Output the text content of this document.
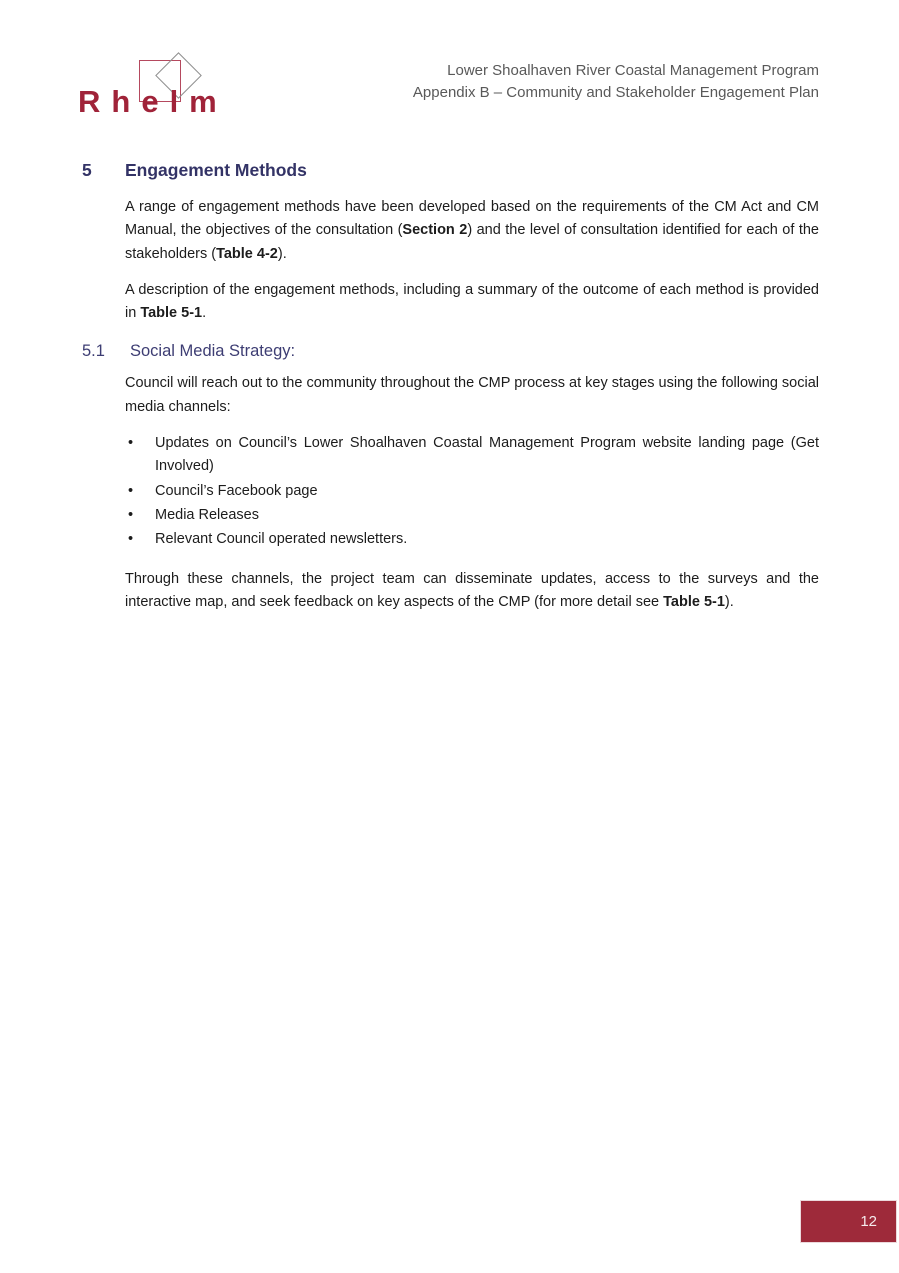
Rhelm
Lower Shoalhaven River Coastal Management Program
Appendix B – Community and Stakeholder Engagement Plan
5	Engagement Methods

A range of engagement methods have been developed based on the requirements of the CM Act and CM Manual, the objectives of the consultation (Section 2) and the level of consultation identified for each of the stakeholders (Table 4-2).

A description of the engagement methods, including a summary of the outcome of each method is provided in Table 5-1.

5.1	Social Media Strategy:

Council will reach out to the community throughout the CMP process at key stages using the following social media channels:

• Updates on Council’s Lower Shoalhaven Coastal Management Program website landing page (Get Involved)
• Council’s Facebook page
• Media Releases
• Relevant Council operated newsletters.

Through these channels, the project team can disseminate updates, access to the surveys and the interactive map, and seek feedback on key aspects of the CMP (for more detail see Table 5-1).

12
